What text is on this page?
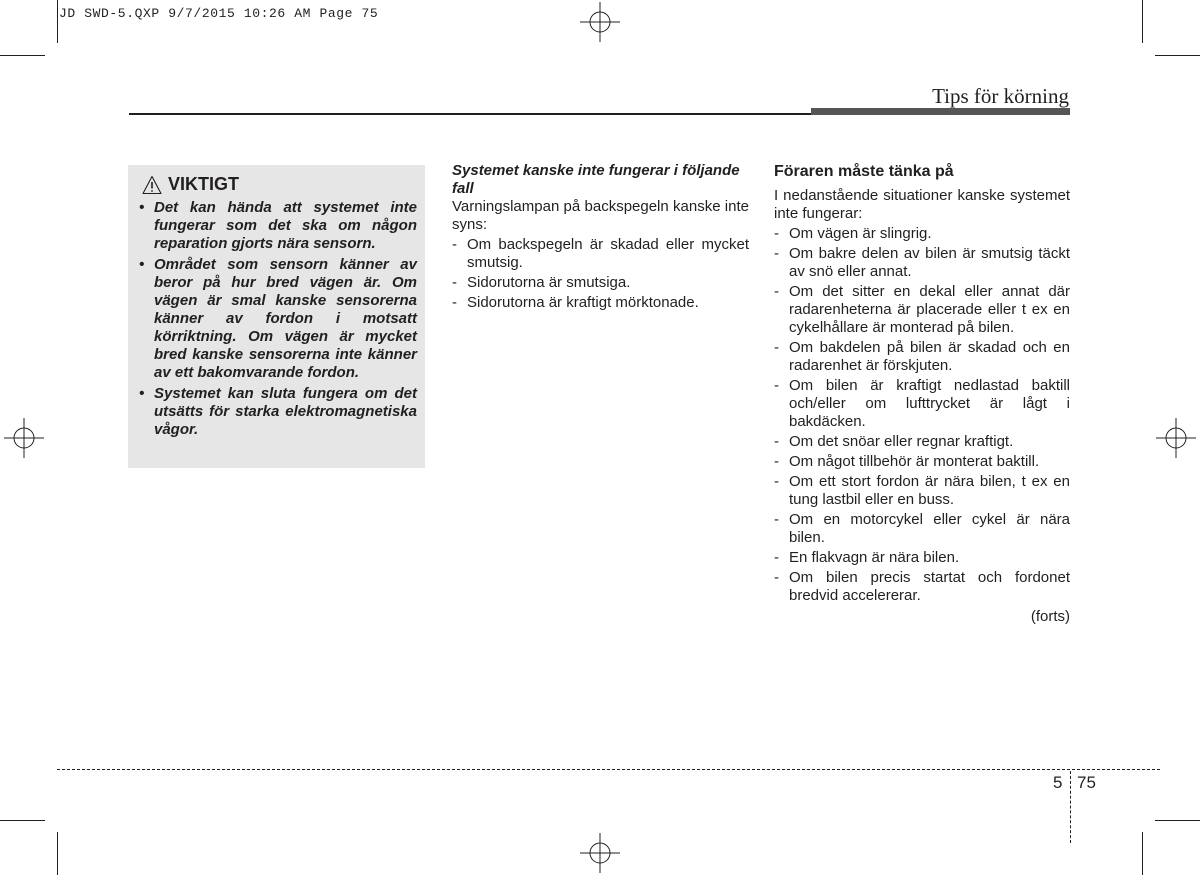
JD SWD-5.QXP 9/7/2015 10:26 AM Page 75
Tips för körning
VIKTIGT
• Det kan hända att systemet inte fungerar som det ska om någon reparation gjorts nära sensorn.
• Området som sensorn känner av beror på hur bred vägen är. Om vägen är smal kanske sensorerna känner av fordon i motsatt körriktning. Om vägen är mycket bred kanske sensorerna inte känner av ett bakomvarande fordon.
• Systemet kan sluta fungera om det utsätts för starka elektromagnetiska vågor.
Systemet kanske inte fungerar i följande fall
Varningslampan på backspegeln kanske inte syns:
- Om backspegeln är skadad eller mycket smutsig.
- Sidorutorna är smutsiga.
- Sidorutorna är kraftigt mörktonade.
Föraren måste tänka på
I nedanstående situationer kanske systemet inte fungerar:
- Om vägen är slingrig.
- Om bakre delen av bilen är smutsig täckt av snö eller annat.
- Om det sitter en dekal eller annat där radarenheterna är placerade eller t ex en cykelhållare är monterad på bilen.
- Om bakdelen på bilen är skadad och en radarenhet är förskjuten.
- Om bilen är kraftigt nedlastad baktill och/eller om lufttrycket är lågt i bakdäcken.
- Om det snöar eller regnar kraftigt.
- Om något tillbehör är monterat baktill.
- Om ett stort fordon är nära bilen, t ex en tung lastbil eller en buss.
- Om en motorcykel eller cykel är nära bilen.
- En flakvagn är nära bilen.
- Om bilen precis startat och fordonet bredvid accelererar.
(forts)
5 75
